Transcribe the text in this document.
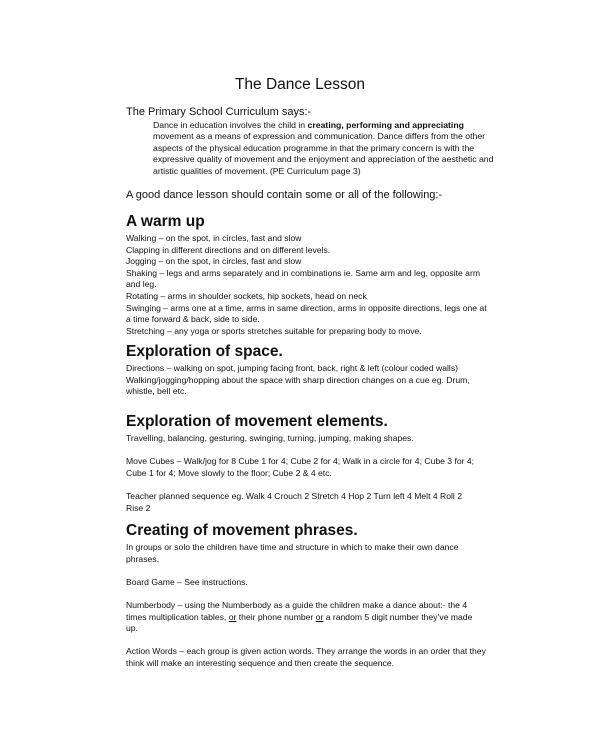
The Dance Lesson
The Primary School Curriculum says:-
Dance in education involves the child in creating, performing and appreciating
movement as a means of expression and communication. Dance differs from the other
aspects of the physical education programme in that the primary concern is with the
expressive quality of movement and the enjoyment and appreciation of the aesthetic and
artistic qualities of movement. (PE Curriculum page 3)
A good dance lesson should contain some or all of the following:-
A warm up
Walking – on the spot, in circles, fast and slow
Clapping in different directions and on different levels.
Jogging – on the spot, in circles, fast and slow
Shaking – legs and arms separately and in combinations ie. Same arm and leg, opposite arm
and leg.
Rotating – arms in shoulder sockets, hip sockets, head on neck
Swinging – arms one at a time, arms in same direction, arms in opposite directions, legs one at
a time forward & back, side to side.
Stretching – any yoga or sports stretches suitable for preparing body to move.
Exploration of space.
Directions – walking on spot, jumping facing front, back, right & left (colour coded walls)
Walking/jogging/hopping about the space with sharp direction changes on a cue eg. Drum,
whistle, bell etc.
Exploration of movement elements.
Travelling, balancing, gesturing, swinging, turning, jumping, making shapes.
Move Cubes – Walk/jog for 8 Cube 1 for 4; Cube 2 for 4; Walk in a circle for 4; Cube 3 for 4;
Cube 1 for 4; Move slowly to the floor; Cube 2 & 4 etc.
Teacher planned sequence eg. Walk 4 Crouch 2 Stretch 4 Hop 2 Turn left 4 Melt 4 Roll 2
Rise 2
Creating of movement phrases.
In groups or solo the children have time and structure in which to make their own dance
phrases.
Board Game – See instructions.
Numberbody – using the Numberbody as a guide the children make a dance about:- the 4
times multiplication tables, or their phone number or a random 5 digit number they’ve made
up.
Action Words – each group is given action words. They arrange the words in an order that they
think will make an interesting sequence and then create the sequence.
